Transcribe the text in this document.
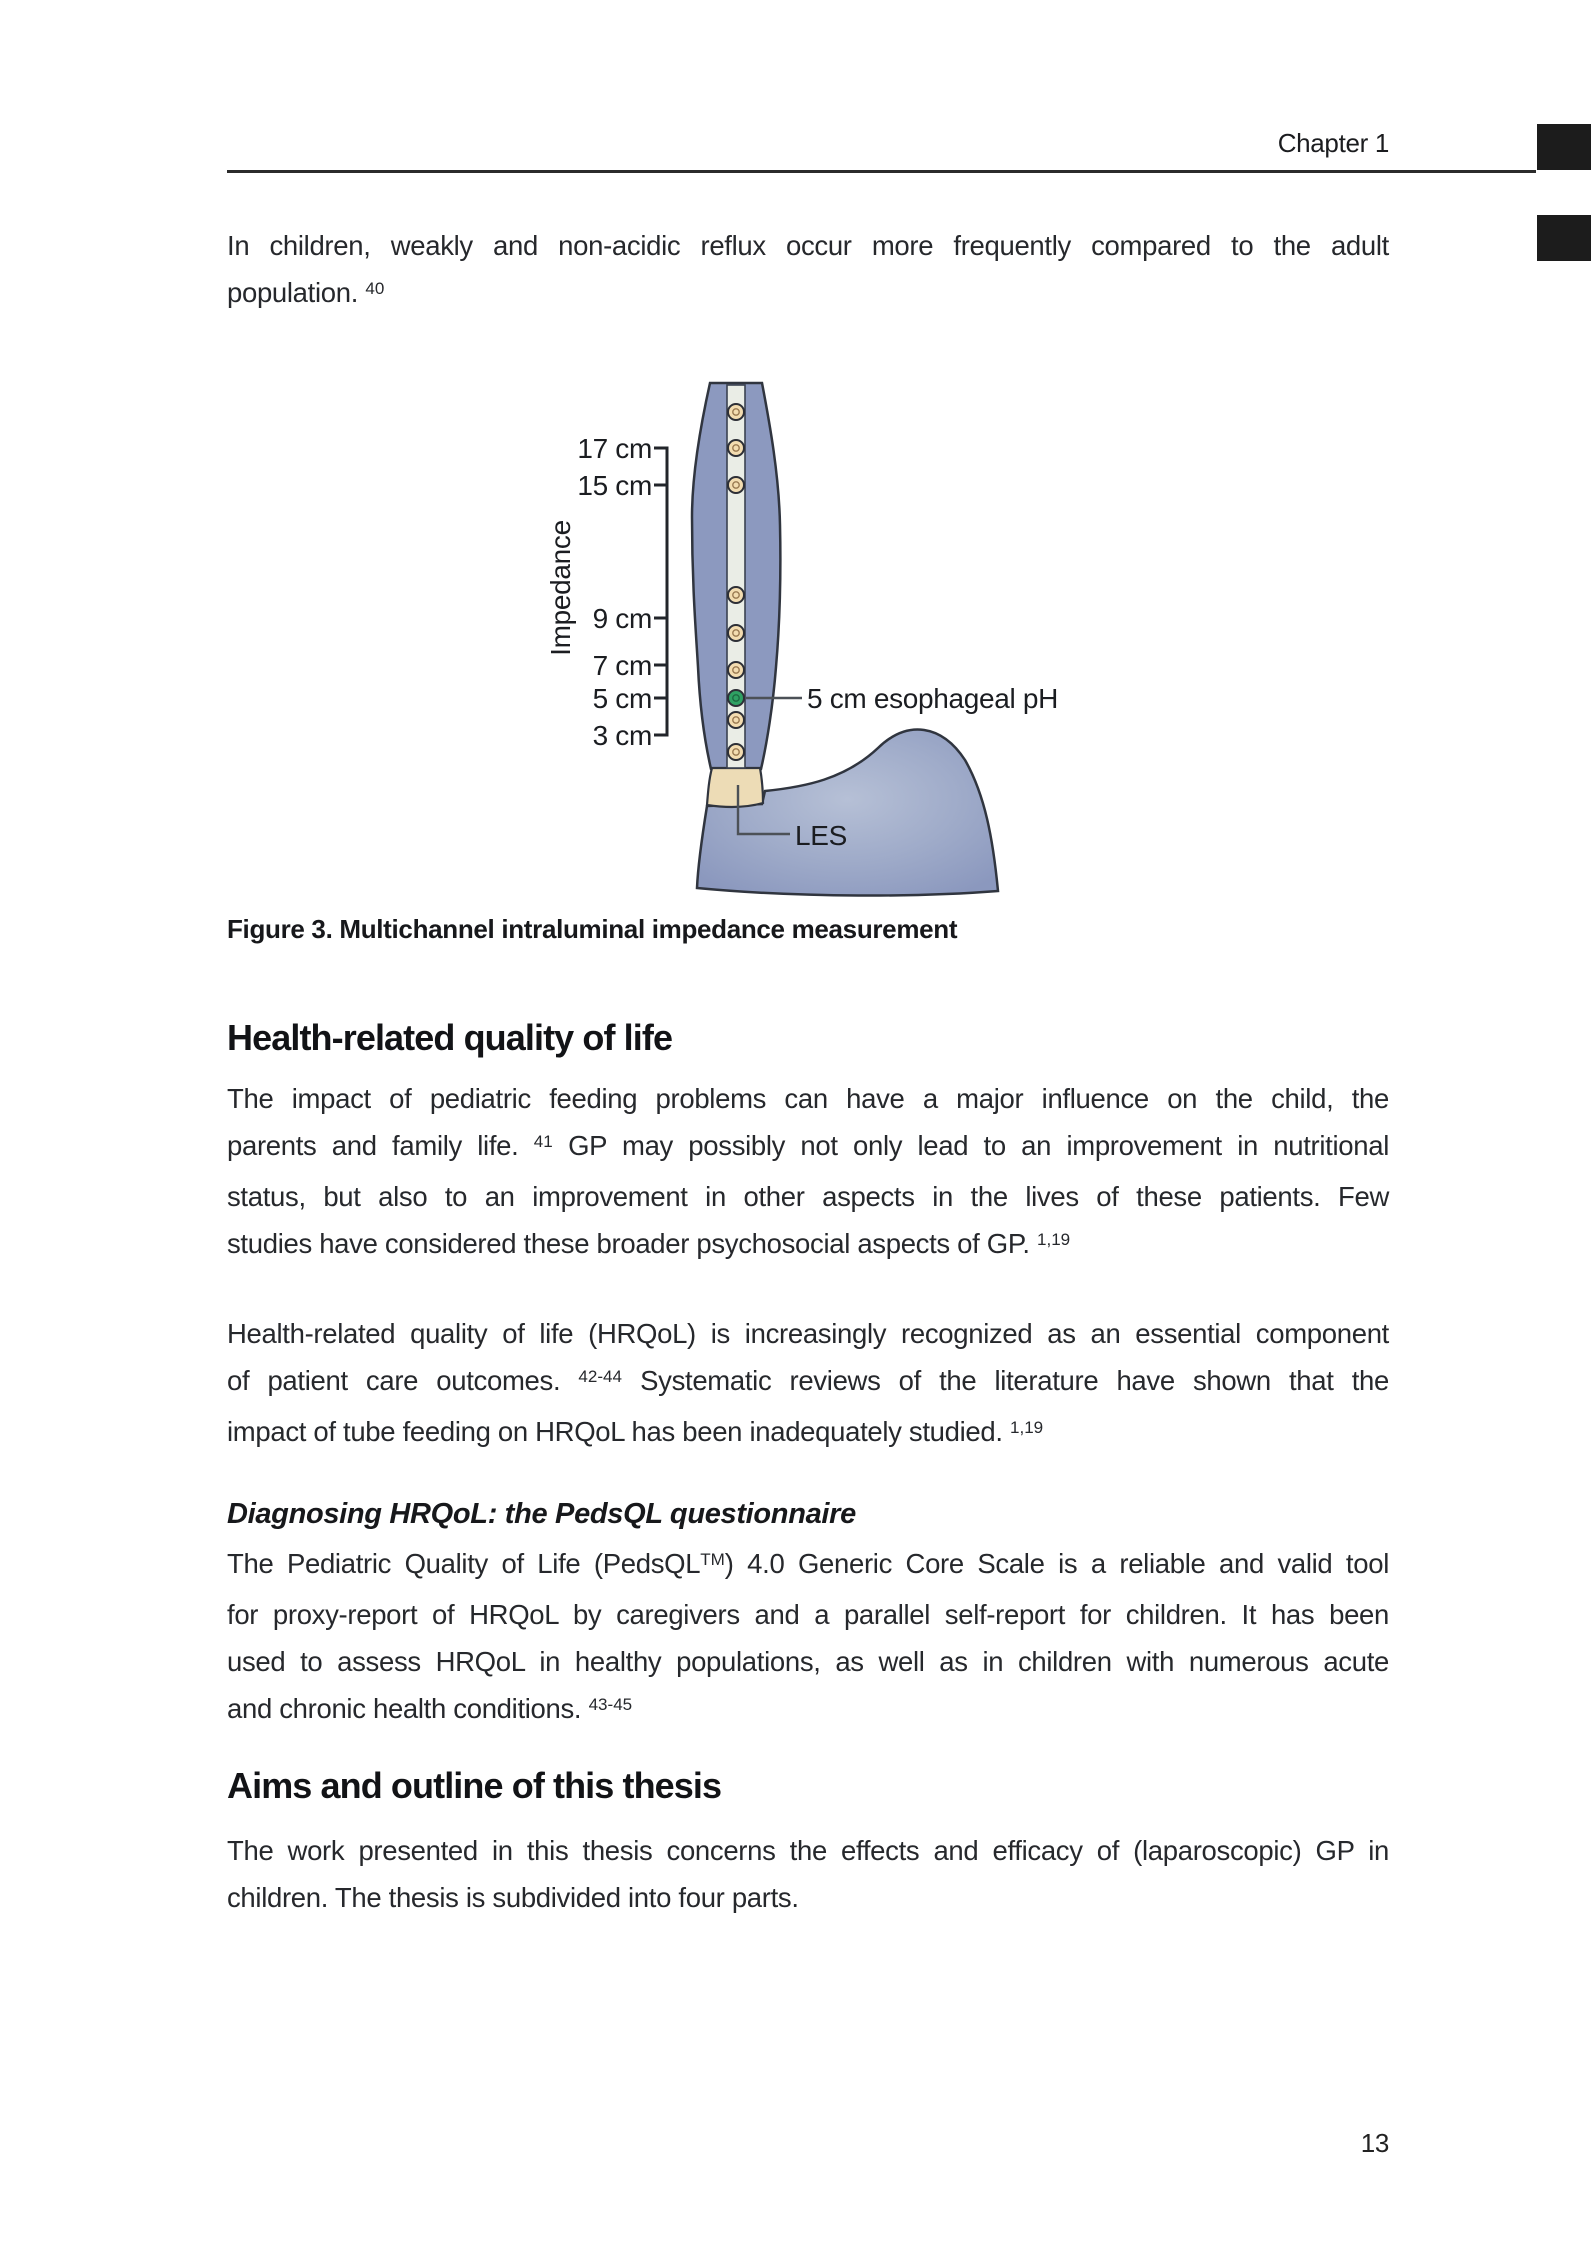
Chapter 1
In children, weakly and non-acidic reflux occur more frequently compared to the adult
population. $^{40}$
17 cm
15 cm
9 cm
7 cm
5 cm
3 cm
Impedance
5 cm esophageal pH
LES
Figure 3. Multichannel intraluminal impedance measurement
Health-related quality of life
The impact of pediatric feeding problems can have a major influence on the child, the
parents and family life. $^{41}$ GP may possibly not only lead to an improvement in nutritional
status, but also to an improvement in other aspects in the lives of these patients. Few
studies have considered these broader psychosocial aspects of GP. $^{1,19}$
Health-related quality of life (HRQoL) is increasingly recognized as an essential component
of patient care outcomes. $^{42-44}$ Systematic reviews of the literature have shown that the
impact of tube feeding on HRQoL has been inadequately studied. $^{1,19}$
Diagnosing HRQoL: the PedsQL questionnaire
The Pediatric Quality of Life (PedsQL™) 4.0 Generic Core Scale is a reliable and valid tool
for proxy-report of HRQoL by caregivers and a parallel self-report for children. It has been
used to assess HRQoL in healthy populations, as well as in children with numerous acute
and chronic health conditions. $^{43-45}$
Aims and outline of this thesis
The work presented in this thesis concerns the effects and efficacy of (laparoscopic) GP in
children. The thesis is subdivided into four parts.
13
